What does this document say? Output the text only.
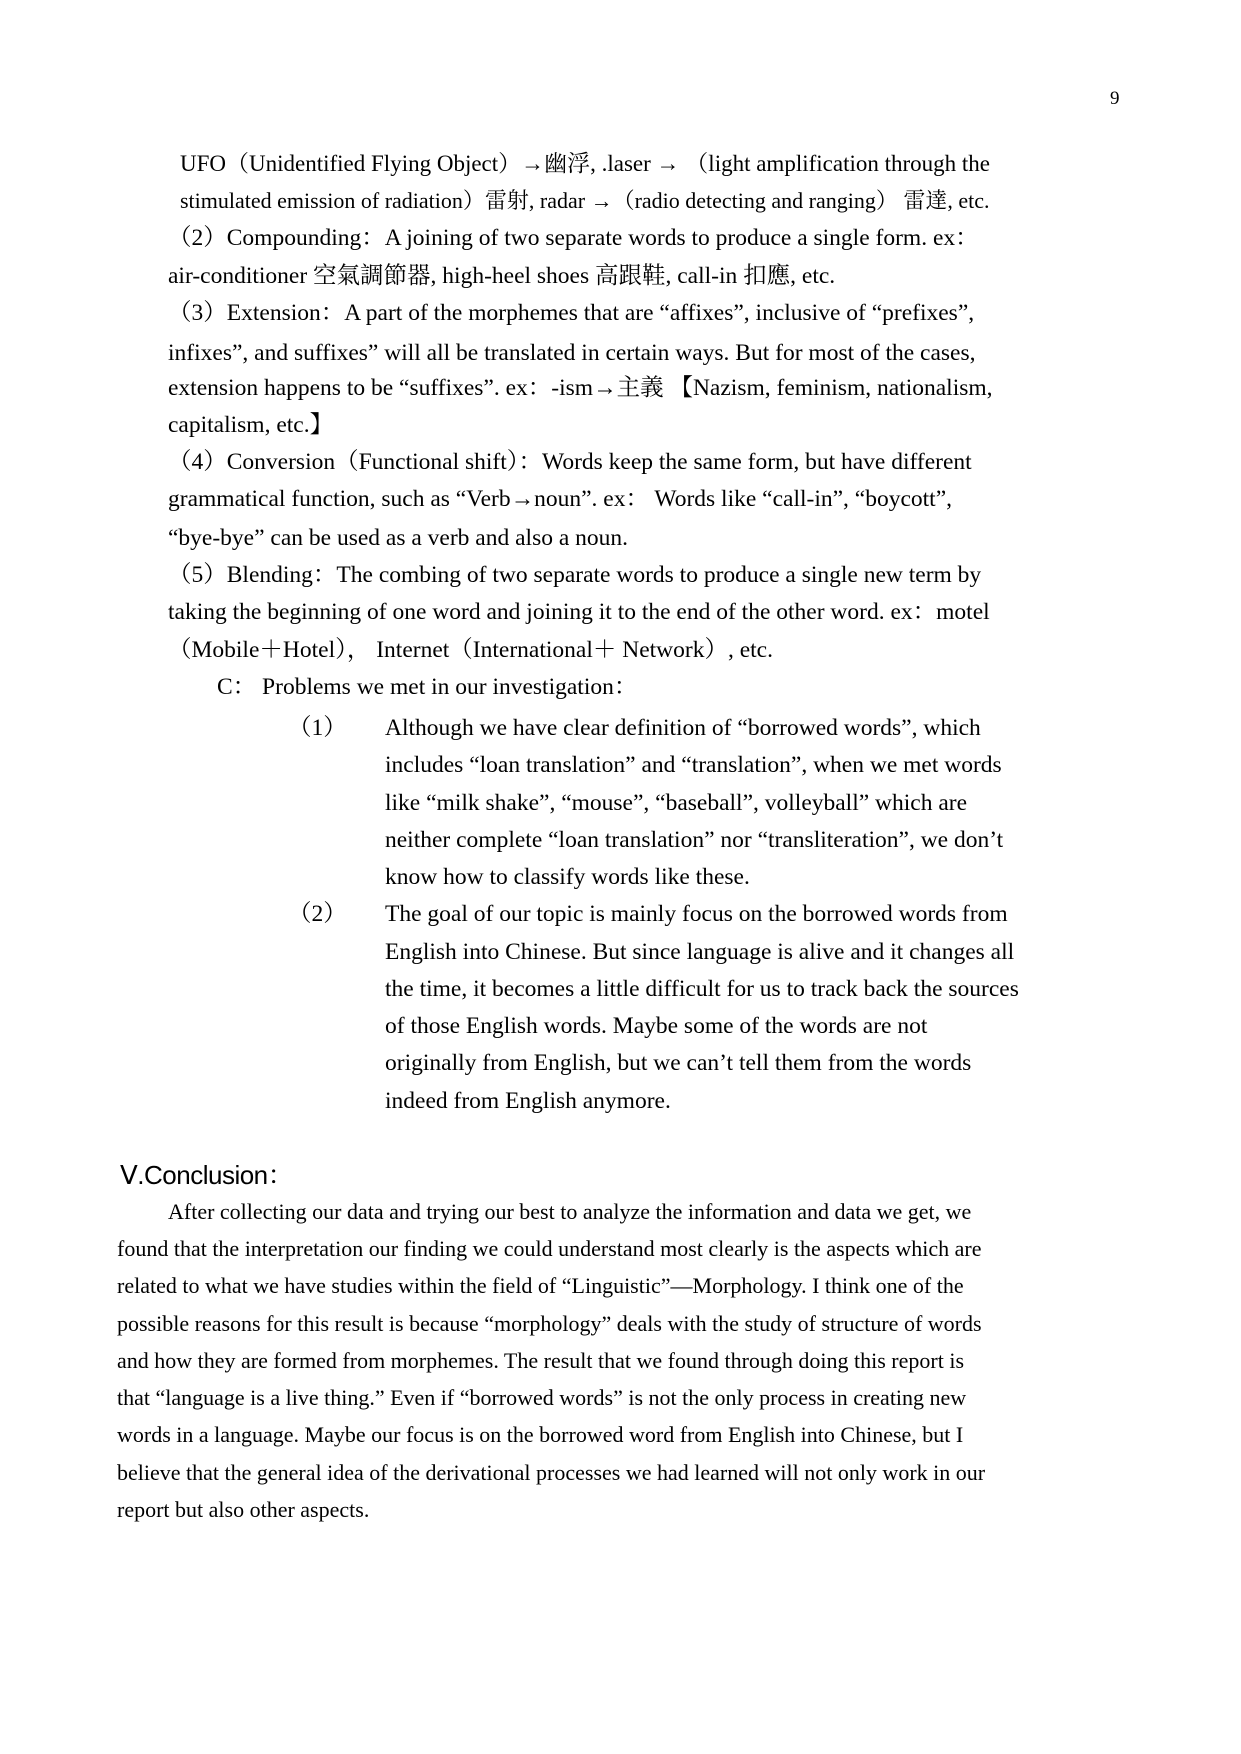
9
UFO（Unidentified Flying Object）→幽浮, .laser → （light amplification through the
stimulated emission of radiation）雷射, radar →（radio detecting and ranging） 雷達, etc.
（2）Compounding：A joining of two separate words to produce a single form. ex：
air-conditioner 空氣調節器, high-heel shoes 高跟鞋, call-in 扣應, etc.
（3）Extension：A part of the morphemes that are “affixes”, inclusive of “prefixes”,
infixes”, and suffixes” will all be translated in certain ways. But for most of the cases,
extension happens to be “suffixes”. ex：-ism→主義 【Nazism, feminism, nationalism,
capitalism, etc.】
（4）Conversion（Functional shift）：Words keep the same form, but have different
grammatical function, such as “Verb→noun”. ex： Words like “call-in”, “boycott”,
“bye-bye” can be used as a verb and also a noun.
（5）Blending：The combing of two separate words to produce a single new term by
taking the beginning of one word and joining it to the end of the other word. ex：motel
（Mobile＋Hotel）， Internet（International＋ Network）, etc.
C： Problems we met in our investigation：
（1） Although we have clear definition of “borrowed words”, which
includes “loan translation” and “translation”, when we met words
like “milk shake”, “mouse”, “baseball”, volleyball” which are
neither complete “loan translation” nor “transliteration”, we don’t
know how to classify words like these.
（2） The goal of our topic is mainly focus on the borrowed words from
English into Chinese. But since language is alive and it changes all
the time, it becomes a little difficult for us to track back the sources
of those English words. Maybe some of the words are not
originally from English, but we can’t tell them from the words
indeed from English anymore.
Ⅴ.Conclusion：
After collecting our data and trying our best to analyze the information and data we get, we
found that the interpretation our finding we could understand most clearly is the aspects which are
related to what we have studies within the field of “Linguistic”—Morphology. I think one of the
possible reasons for this result is because “morphology” deals with the study of structure of words
and how they are formed from morphemes. The result that we found through doing this report is
that “language is a live thing.” Even if “borrowed words” is not the only process in creating new
words in a language. Maybe our focus is on the borrowed word from English into Chinese, but I
believe that the general idea of the derivational processes we had learned will not only work in our
report but also other aspects.
